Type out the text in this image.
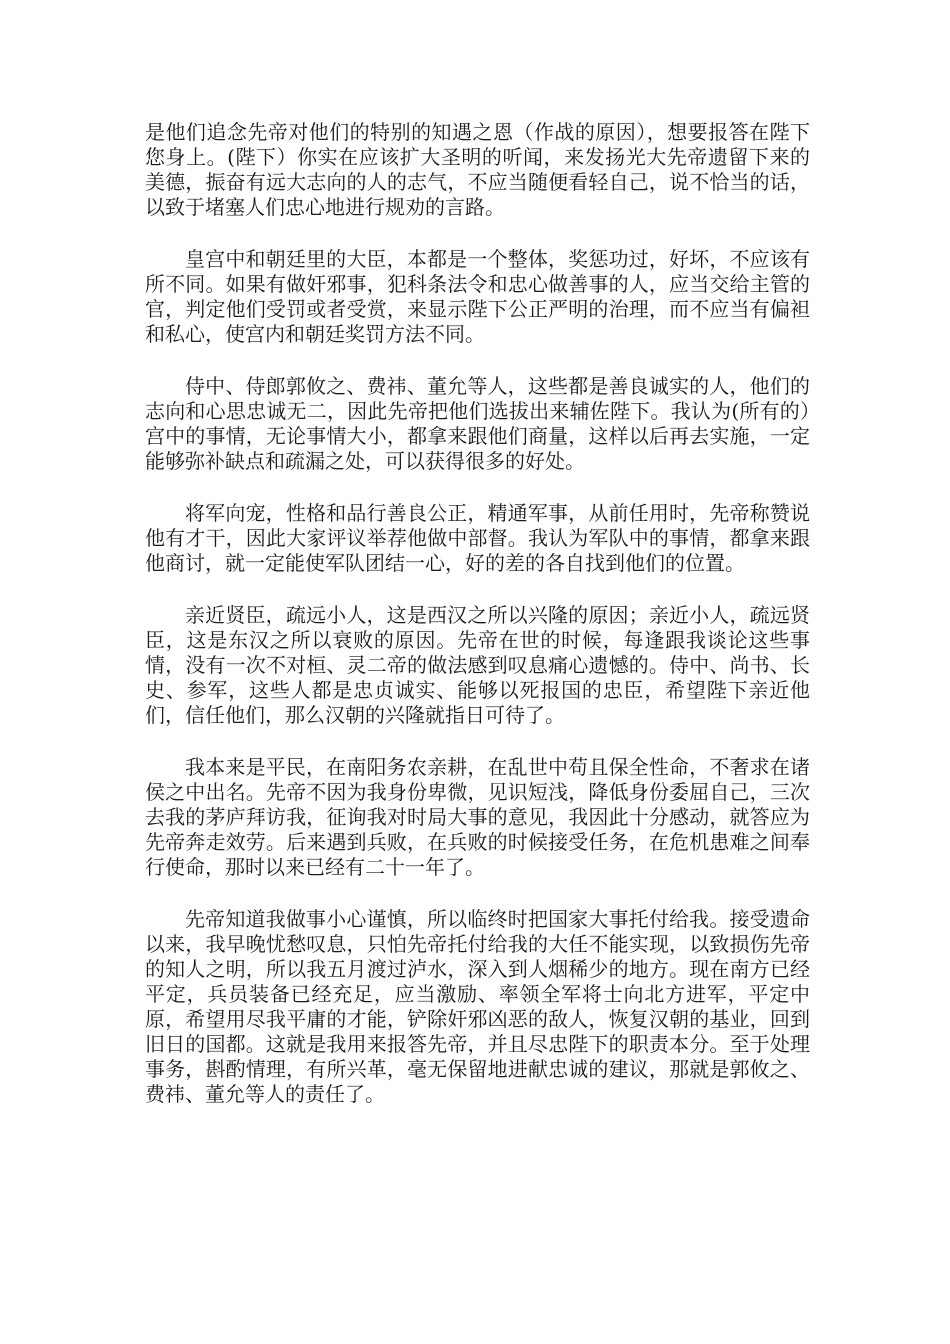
是他们追念先帝对他们的特别的知遇之恩（作战的原因），想要报答在陛下您身上。(陛下）你实在应该扩大圣明的听闻，来发扬光大先帝遗留下来的美德，振奋有远大志向的人的志气，不应当随便看轻自己，说不恰当的话，以致于堵塞人们忠心地进行规劝的言路。

皇宫中和朝廷里的大臣，本都是一个整体，奖惩功过，好坏，不应该有所不同。如果有做奸邪事，犯科条法令和忠心做善事的人，应当交给主管的官，判定他们受罚或者受赏，来显示陛下公正严明的治理，而不应当有偏袒和私心，使宫内和朝廷奖罚方法不同。

侍中、侍郎郭攸之、费祎、董允等人，这些都是善良诚实的人，他们的志向和心思忠诚无二，因此先帝把他们选拔出来辅佐陛下。我认为(所有的）宫中的事情，无论事情大小，都拿来跟他们商量，这样以后再去实施，一定能够弥补缺点和疏漏之处，可以获得很多的好处。

将军向宠，性格和品行善良公正，精通军事，从前任用时，先帝称赞说他有才干，因此大家评议举荐他做中部督。我认为军队中的事情，都拿来跟他商讨，就一定能使军队团结一心，好的差的各自找到他们的位置。

亲近贤臣，疏远小人，这是西汉之所以兴隆的原因；亲近小人，疏远贤臣，这是东汉之所以衰败的原因。先帝在世的时候，每逢跟我谈论这些事情，没有一次不对桓、灵二帝的做法感到叹息痛心遗憾的。侍中、尚书、长史、参军，这些人都是忠贞诚实、能够以死报国的忠臣，希望陛下亲近他们，信任他们，那么汉朝的兴隆就指日可待了。

我本来是平民，在南阳务农亲耕，在乱世中苟且保全性命，不奢求在诸侯之中出名。先帝不因为我身份卑微，见识短浅，降低身份委屈自己，三次去我的茅庐拜访我，征询我对时局大事的意见，我因此十分感动，就答应为先帝奔走效劳。后来遇到兵败，在兵败的时候接受任务，在危机患难之间奉行使命，那时以来已经有二十一年了。

先帝知道我做事小心谨慎，所以临终时把国家大事托付给我。接受遗命以来，我早晚忧愁叹息，只怕先帝托付给我的大任不能实现，以致损伤先帝的知人之明，所以我五月渡过泸水，深入到人烟稀少的地方。现在南方已经平定，兵员装备已经充足，应当激励、率领全军将士向北方进军，平定中原，希望用尽我平庸的才能，铲除奸邪凶恶的敌人，恢复汉朝的基业，回到旧日的国都。这就是我用来报答先帝，并且尽忠陛下的职责本分。至于处理事务，斟酌情理，有所兴革，毫无保留地进献忠诚的建议，那就是郭攸之、费祎、董允等人的责任了。
